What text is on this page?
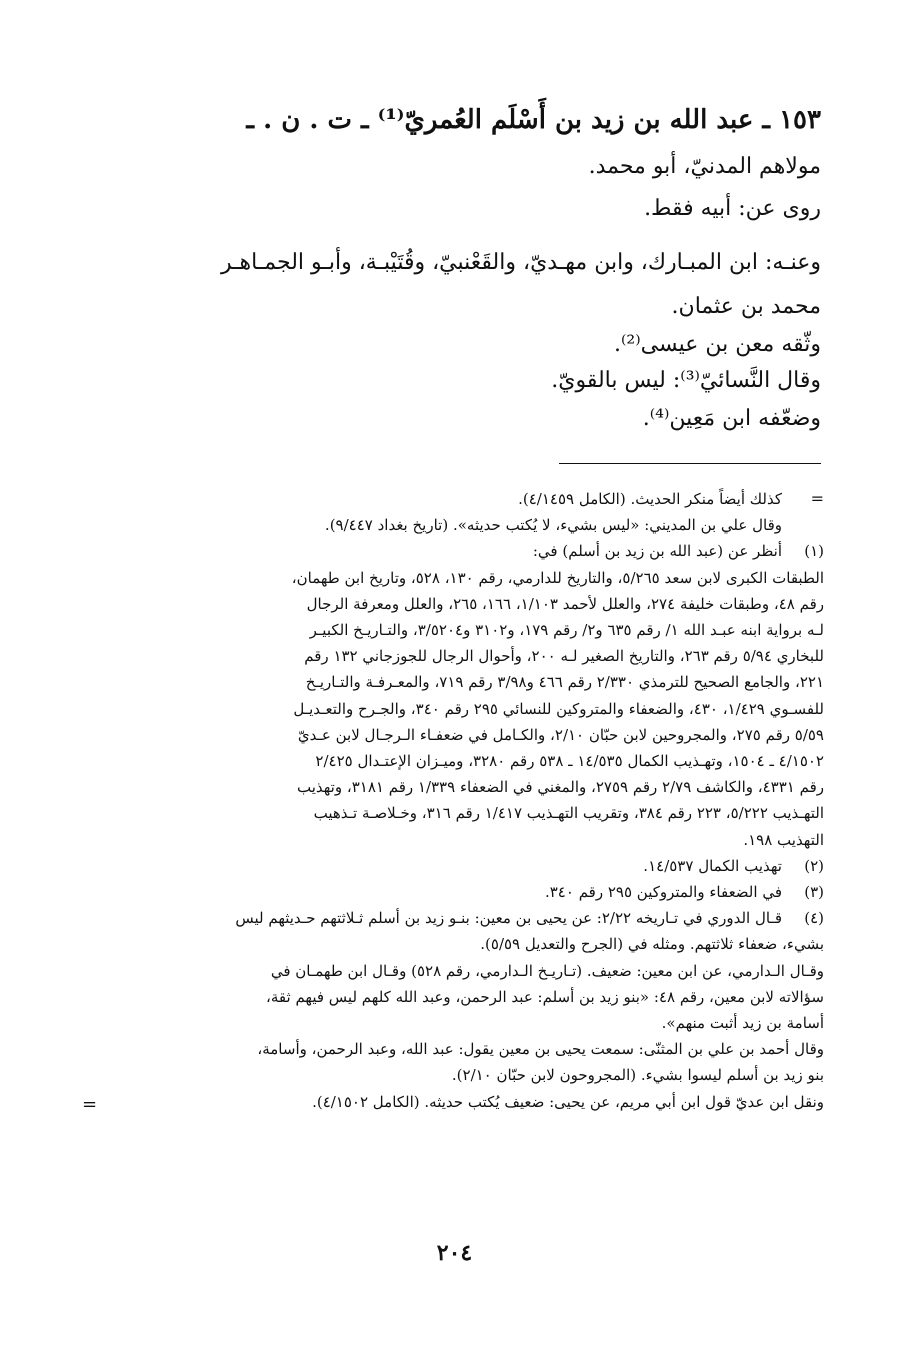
١٥٣ ـ عبد الله بن زيد بن أَسْلَم العُمريّ⁽¹⁾ ـ ت . ن . ـ

مولاهم المدنيّ، أبو محمد.

روى عن: أبيه فقط.

وعنـه: ابن المبـارك، وابن مهـديّ، والقَعْنبيّ، وقُتَيْبـة، وأبـو الجمـاهـر

محمد بن عثمان.

وثّقه معن بن عيسى⁽²⁾.

وقال النَّسائيّ⁽³⁾: ليس بالقويّ.

وضعّفه ابن مَعِين⁽⁴⁾.

=

كذلك أيضاً منكر الحديث. (الكامل ٤/١٤٥٩).

وقال علي بن المديني: «ليس بشيء، لا يُكتب حديثه». (تاريخ بغداد ٩/٤٤٧).

(١)

أنظر عن (عبد الله بن زيد بن أسلم) في:

الطبقات الكبرى لابن سعد ٥/٢٦٥، والتاريخ للدارمي، رقم ١٣٠، ٥٢٨، وتاريخ ابن طهمان،

رقم ٤٨، وطبقات خليفة ٢٧٤، والعلل لأحمد ١/١٠٣، ١٦٦، ٢٦٥، والعلل ومعرفة الرجال

لـه برواية ابنه عبـد الله ١/ رقم ٦٣٥ و٢/ رقم ١٧٩، و٣١٠٢ و٣/٥٢٠٤، والتـاريـخ الكبيـر

للبخاري ٥/٩٤ رقم ٢٦٣، والتاريخ الصغير لـه ٢٠٠، وأحوال الرجال للجوزجاني ١٣٢ رقم

٢٢١، والجامع الصحيح للترمذي ٢/٣٣٠ رقم ٤٦٦ و٣/٩٨ رقم ٧١٩، والمعـرفـة والتـاريـخ

للفسـوي ١/٤٢٩، ٤٣٠، والضعفاء والمتروكين للنسائي ٢٩٥ رقم ٣٤٠، والجـرح والتعـديـل

٥/٥٩ رقم ٢٧٥، والمجروحين لابن حبّان ٢/١٠، والكـامل في ضعفـاء الـرجـال لابن عـديّ

٤/١٥٠٢ ـ ١٥٠٤، وتهـذيب الكمال ١٤/٥٣٥ ـ ٥٣٨ رقم ٣٢٨٠، وميـزان الإعتـدال ٢/٤٢٥

رقم ٤٣٣١، والكاشف ٢/٧٩ رقم ٢٧٥٩، والمغني في الضعفاء ١/٣٣٩ رقم ٣١٨١، وتهذيب

التهـذيب ٥/٢٢٢، ٢٢٣ رقم ٣٨٤، وتقريب التهـذيب ١/٤١٧ رقم ٣١٦، وخـلاصـة تـذهيب

التهذيب ١٩٨.

(٢)

تهذيب الكمال ١٤/٥٣٧.

(٣)

في الضعفاء والمتروكين ٢٩٥ رقم ٣٤٠.

(٤)

قـال الدوري في تـاريخه ٢/٢٢: عن يحيى بن معين: بنـو زيد بن أسلم ثـلاثتهم حـديثهم ليس

بشيء، ضعفاء ثلاثتهم. ومثله في (الجرح والتعديل ٥/٥٩).

وقـال الـدارمي، عن ابن معين: ضعيف. (تـاريـخ الـدارمي، رقم ٥٢٨) وقـال ابن طهمـان في

سؤالاته لابن معين، رقم ٤٨: «بنو زيد بن أسلم: عبد الرحمن، وعبد الله كلهم ليس فيهم ثقة،

أسامة بن زيد أثبت منهم».

وقال أحمد بن علي بن المثنّى: سمعت يحيى بن معين يقول: عبد الله، وعبد الرحمن، وأسامة،

بنو زيد بن أسلم ليسوا بشيء. (المجروحون لابن حبّان ٢/١٠).

ونقل ابن عديّ قول ابن أبي مريم، عن يحيى: ضعيف يُكتب حديثه. (الكامل ٤/١٥٠٢).

=
٢٠٤
